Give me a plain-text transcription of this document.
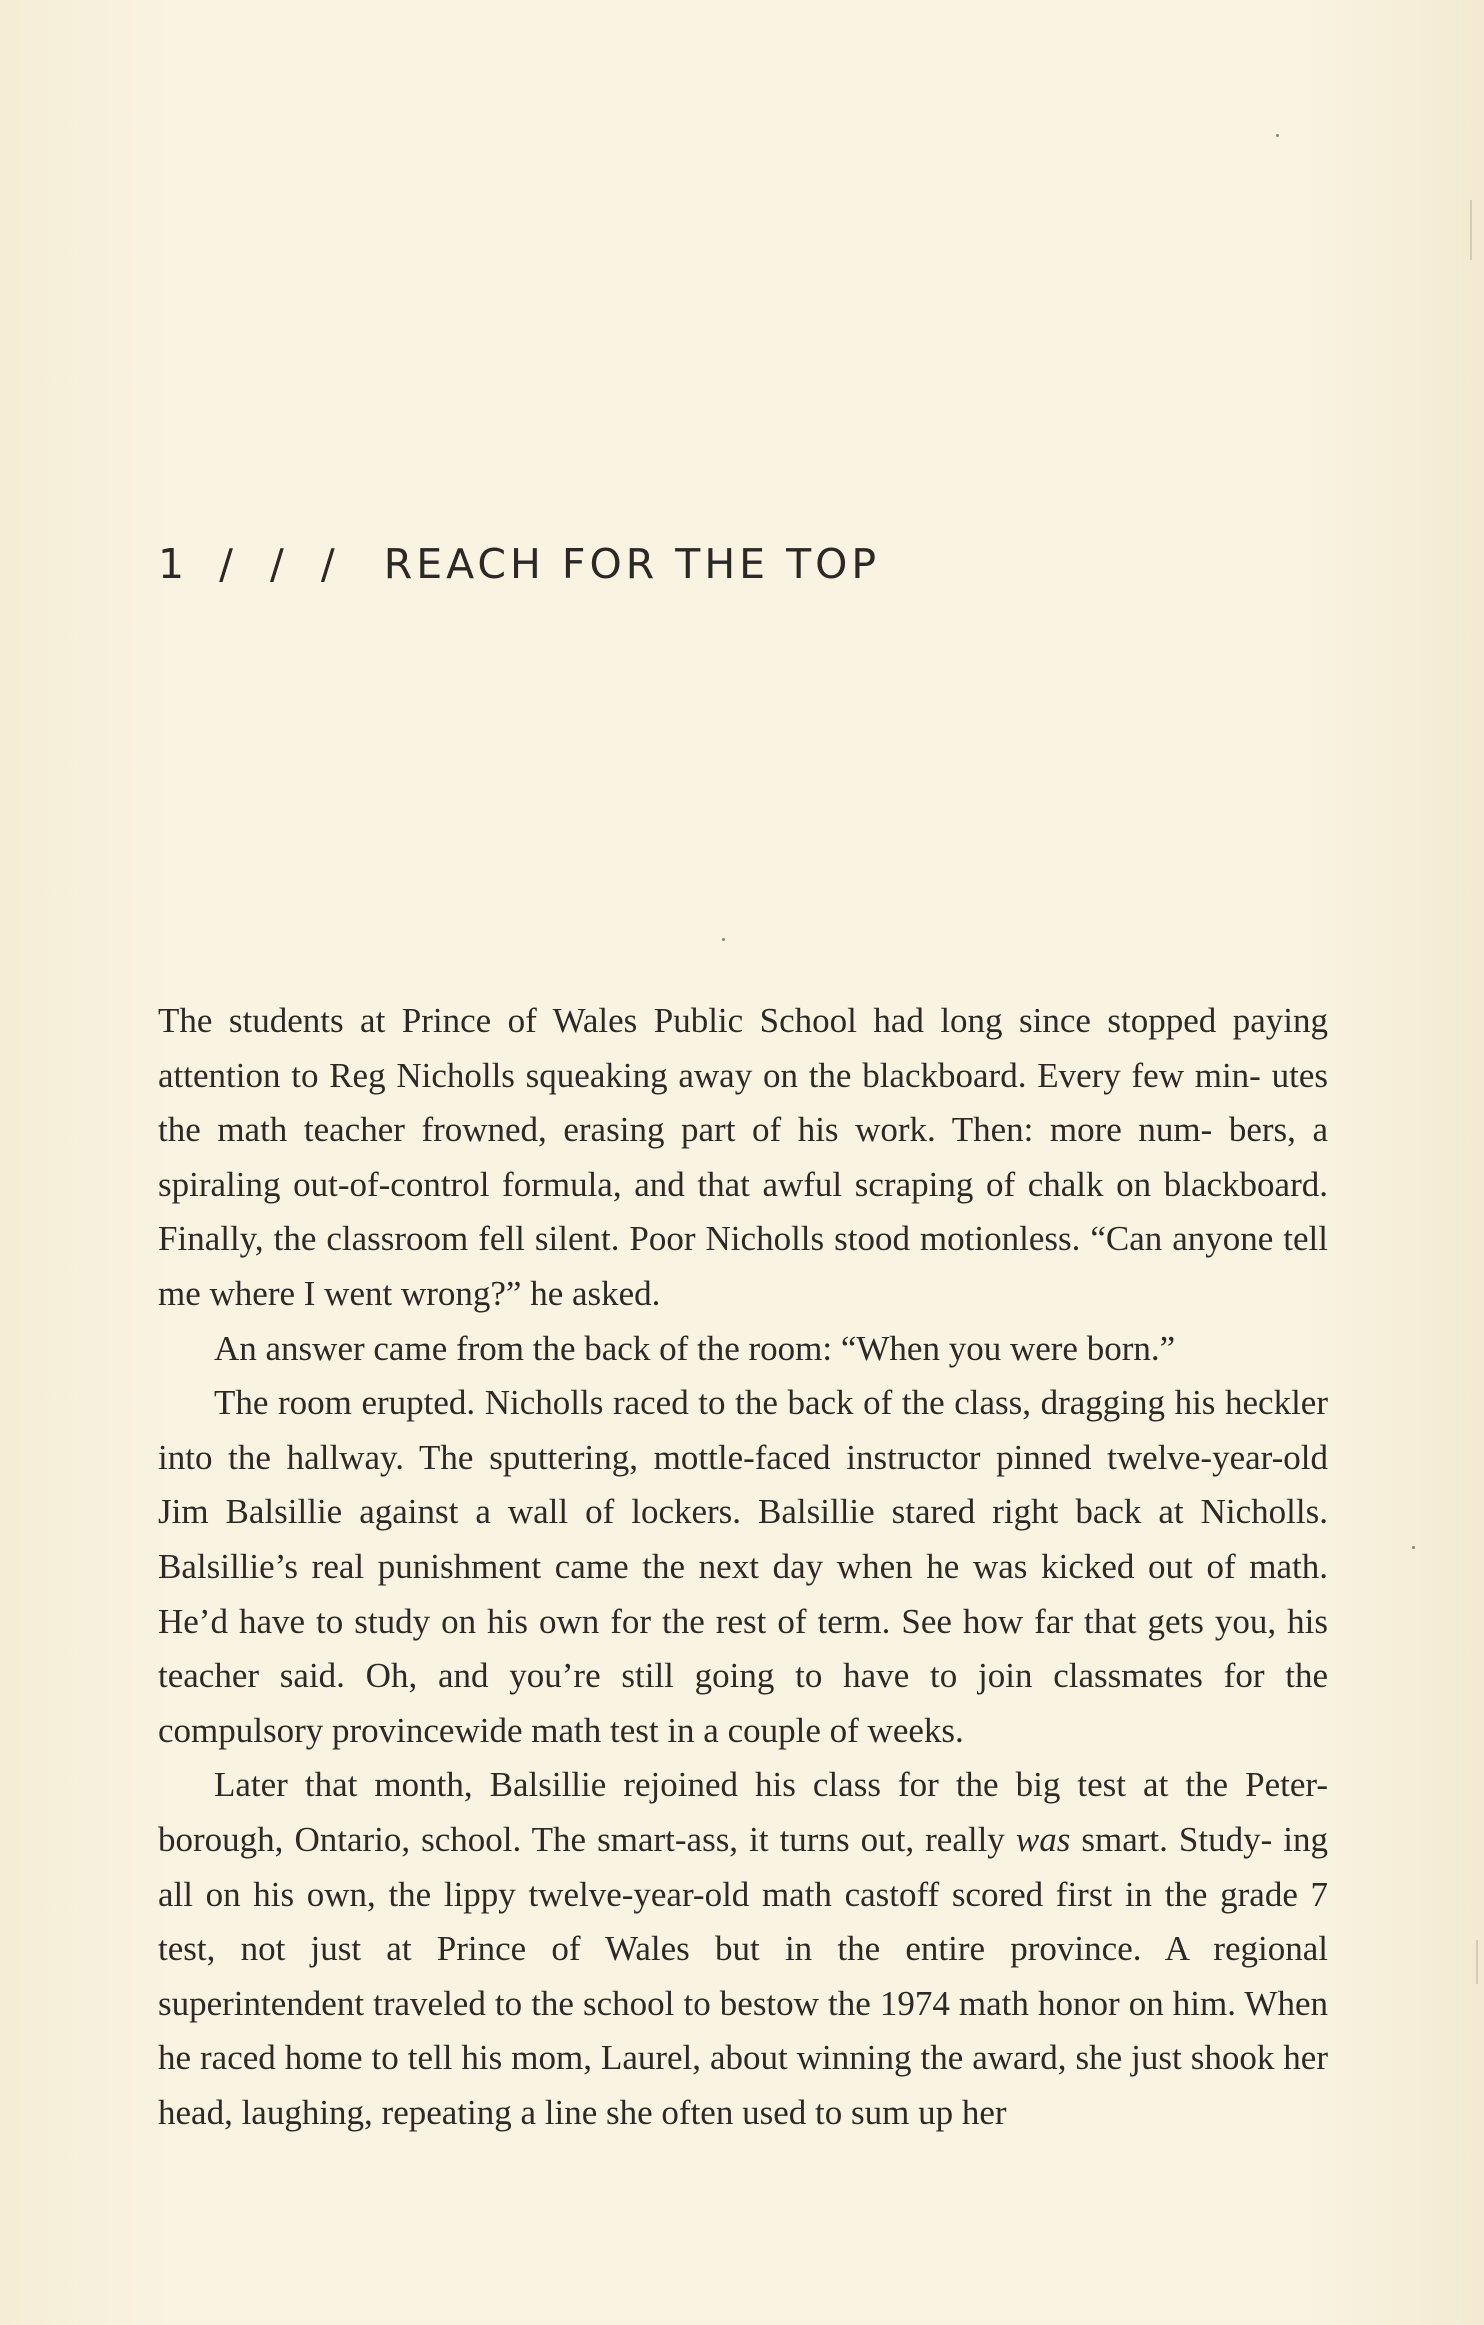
1 / / / REACH FOR THE TOP

The students at Prince of Wales Public School had long since stopped paying attention to Reg Nicholls squeaking away on the blackboard. Every few min- utes the math teacher frowned, erasing part of his work. Then: more num- bers, a spiraling out-of-control formula, and that awful scraping of chalk on blackboard. Finally, the classroom fell silent. Poor Nicholls stood motionless. “Can anyone tell me where I went wrong?” he asked.

An answer came from the back of the room: “When you were born.”

The room erupted. Nicholls raced to the back of the class, dragging his heckler into the hallway. The sputtering, mottle-faced instructor pinned twelve-year-old Jim Balsillie against a wall of lockers. Balsillie stared right back at Nicholls. Balsillie’s real punishment came the next day when he was kicked out of math. He’d have to study on his own for the rest of term. See how far that gets you, his teacher said. Oh, and you’re still going to have to join classmates for the compulsory provincewide math test in a couple of weeks.

Later that month, Balsillie rejoined his class for the big test at the Peter- borough, Ontario, school. The smart-ass, it turns out, really was smart. Study- ing all on his own, the lippy twelve-year-old math castoff scored first in the grade 7 test, not just at Prince of Wales but in the entire province. A regional superintendent traveled to the school to bestow the 1974 math honor on him. When he raced home to tell his mom, Laurel, about winning the award, she just shook her head, laughing, repeating a line she often used to sum up her
